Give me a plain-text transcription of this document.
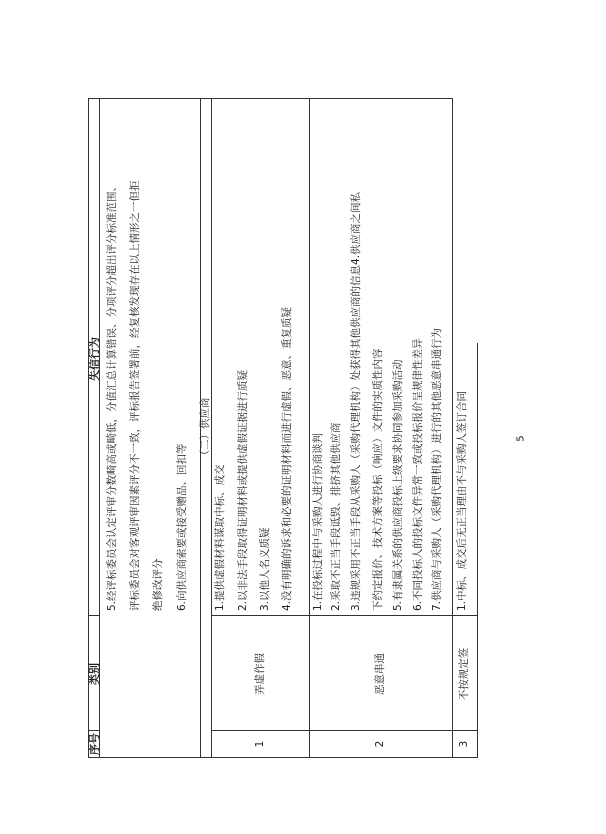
序号
类别
失信行为 5.经评标委员会认定评审分数畸高或畸低，分值汇总计算错误、分项评分超出评分标准范围、 评标委员会对客观评审因素评分不一致，评标报告签署前，经复核发现存在以上情形之一但拒 绝修改评分 6.向供应商索要或接受赠品、回扣等
（二）供应商
1
弄虚作假
1.提供虚假材料谋取中标、成交 2.以非法手段取得证明材料或提供虚假证据进行质疑 3.以他人名义质疑 4.没有明确的诉求和必要的证明材料而进行虚假、恶意、重复质疑
2
恶意串通
1.在投标过程中与采购人进行协商谈判 2.采取不正当手段诋毁、排挤其他供应商 3.违规采用不正当手段从采购人（采购代理机构）处获得其他供应商的信息4.供应商之间私 下约定报价、技术方案等投标（响应）文件的实质性内容 5.有隶属关系的供应商投标上级要求协同参加采购活动 6.不同投标人的投标文件异常一致或投标报价呈规律性差异 7.供应商与采购人（采购代理机构）进行的其他恶意串通行为
3
不按规定签
1.中标、成交后无正当理由不与采购人签订合同	5
